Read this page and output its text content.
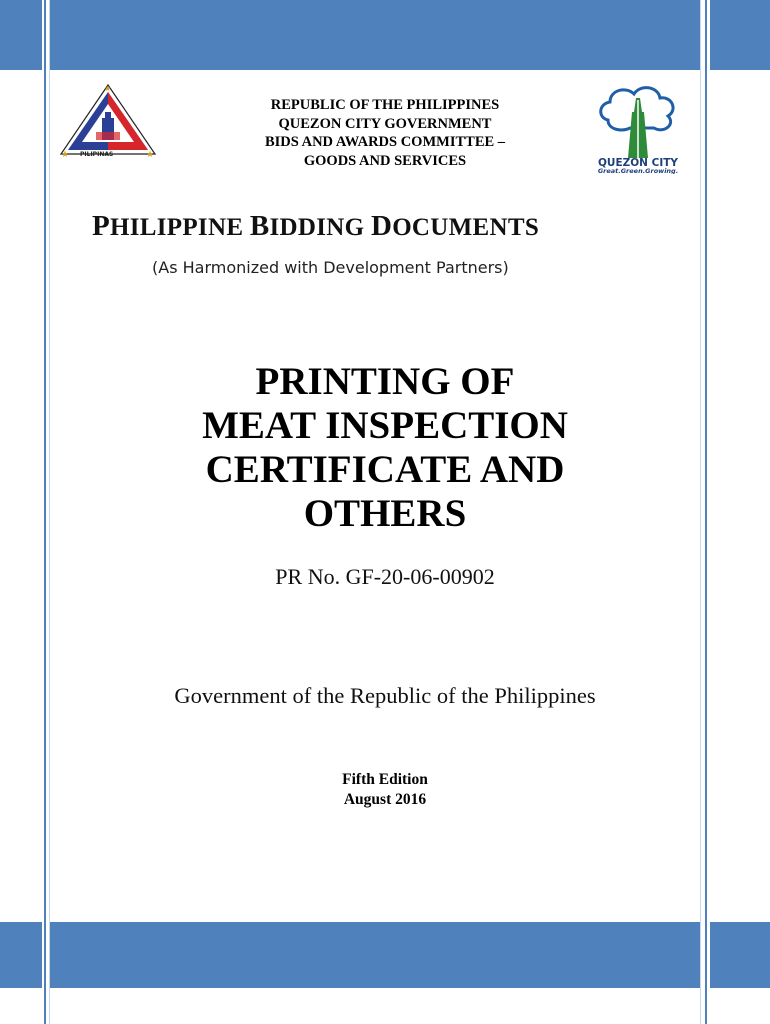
★	★
★
PILIPINAS
QUEZON CITY
Great.Green.Growing.
REPUBLIC OF THE PHILIPPINES
QUEZON CITY GOVERNMENT
BIDS AND AWARDS COMMITTEE –
GOODS AND SERVICES
PHILIPPINE BIDDING DOCUMENTS
(As Harmonized with Development Partners)
PRINTING OF
MEAT INSPECTION
CERTIFICATE AND
OTHERS
PR No. GF-20-06-00902
Government of the Republic of the Philippines
Fifth Edition
August 2016
